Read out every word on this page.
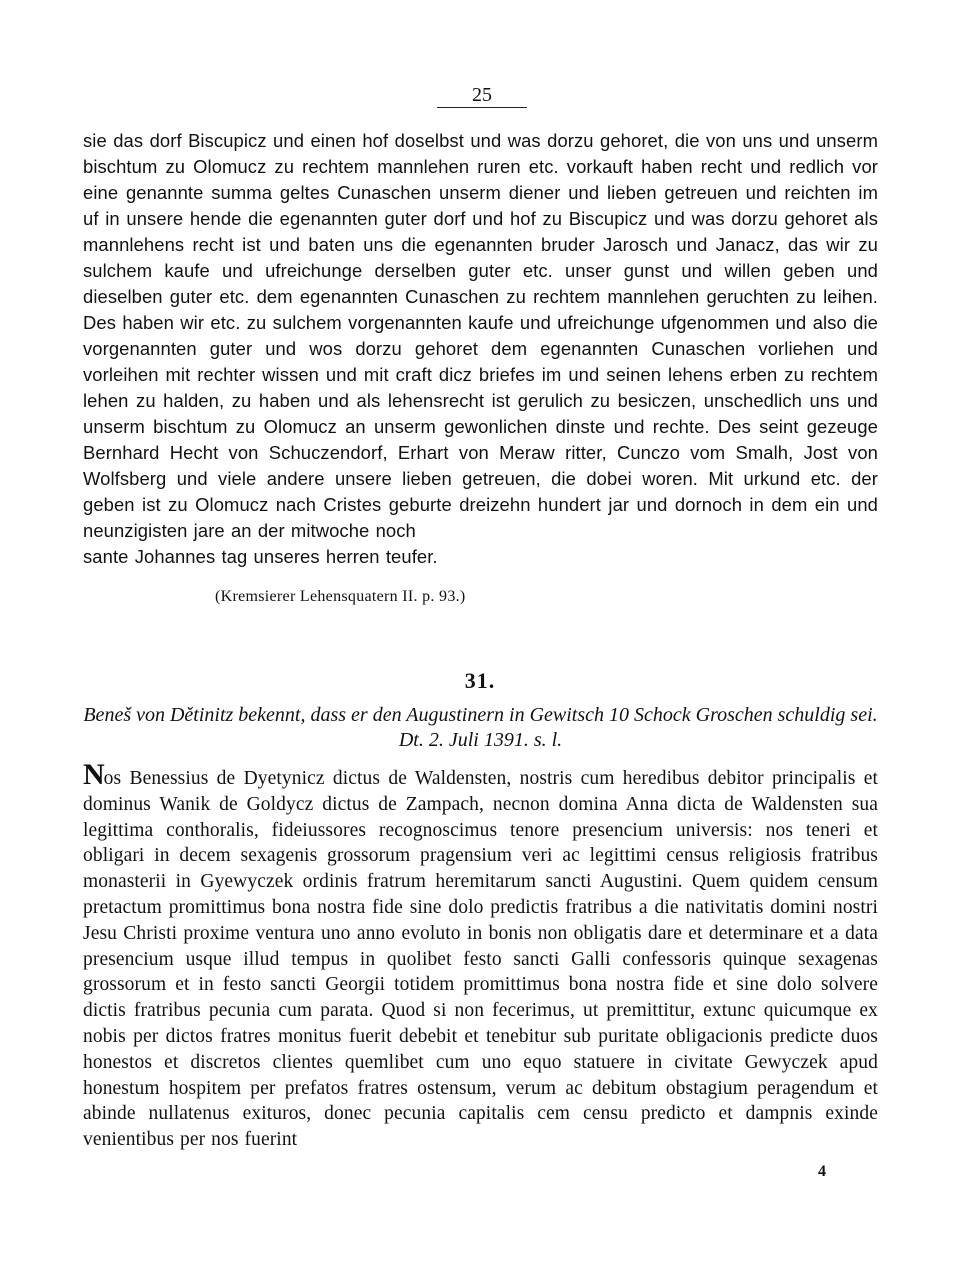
25

sie das dorf Biscupicz und einen hof doselbst und was dorzu gehoret, die von uns und unserm bischtum zu Olomucz zu rechtem mannlehen ruren etc. vorkauft haben recht und redlich vor eine genannte summa geltes Cunaschen unserm diener und lieben getreuen und reichten im uf in unsere hende die egenannten guter dorf und hof zu Biscupicz und was dorzu gehoret als mannlehens recht ist und baten uns die egenannten bruder Jarosch und Janacz, das wir zu sulchem kaufe und ufreichunge derselben guter etc. unser gunst und willen geben und dieselben guter etc. dem egenannten Cunaschen zu rechtem mannlehen geruchten zu leihen. Des haben wir etc. zu sulchem vorgenannten kaufe und ufreichunge ufgenommen und also die vorgenannten guter und wos dorzu gehoret dem egenannten Cunaschen vorliehen und vorleihen mit rechter wissen und mit craft dicz briefes im und seinen lehens erben zu rechtem lehen zu halden, zu haben und als lehensrecht ist gerulich zu besiczen, unschedlich uns und unserm bischtum zu Olomucz an unserm gewonlichen dinste und rechte. Des seint gezeuge Bernhard Hecht von Schuczendorf, Erhart von Meraw ritter, Cunczo vom Smalh, Jost von Wolfsberg und viele andere unsere lieben getreuen, die dobei woren. Mit urkund etc. der geben ist zu Olomucz nach Cristes geburte dreizehn hundert jar und dornoch in dem ein und neunzigisten jare an der mitwoche noch
sante Johannes tag unseres herren teufer.

(Kremsierer Lehensquatern II. p. 93.)
31.

Beneš von Dětinitz bekennt, dass er den Augustinern in Gewitsch 10 Schock Groschen schuldig sei. Dt. 2. Juli 1391. s. l.

Nos Benessius de Dyetynicz dictus de Waldensten, nostris cum heredibus debitor principalis et dominus Wanik de Goldycz dictus de Zampach, necnon domina Anna dicta de Waldensten sua legittima conthoralis, fideiussores recognoscimus tenore presencium universis: nos teneri et obligari in decem sexagenis grossorum pragensium veri ac legittimi census religiosis fratribus monasterii in Gyewyczek ordinis fratrum heremitarum sancti Augustini. Quem quidem censum pretactum promittimus bona nostra fide sine dolo predictis fratribus a die nativitatis domini nostri Jesu Christi proxime ventura uno anno evoluto in bonis non obligatis dare et determinare et a data presencium usque illud tempus in quolibet festo sancti Galli confessoris quinque sexagenas grossorum et in festo sancti Georgii totidem promittimus bona nostra fide et sine dolo solvere dictis fratribus pecunia cum parata. Quod si non fecerimus, ut premittitur, extunc quicumque ex nobis per dictos fratres monitus fuerit debebit et tenebitur sub puritate obligacionis predicte duos honestos et discretos clientes quemlibet cum uno equo statuere in civitate Gewyczek apud honestum hospitem per prefatos fratres ostensum, verum ac debitum obstagium peragendum et abinde nullatenus exituros, donec pecunia capitalis cem censu predicto et dampnis exinde venientibus per nos fuerint

4
